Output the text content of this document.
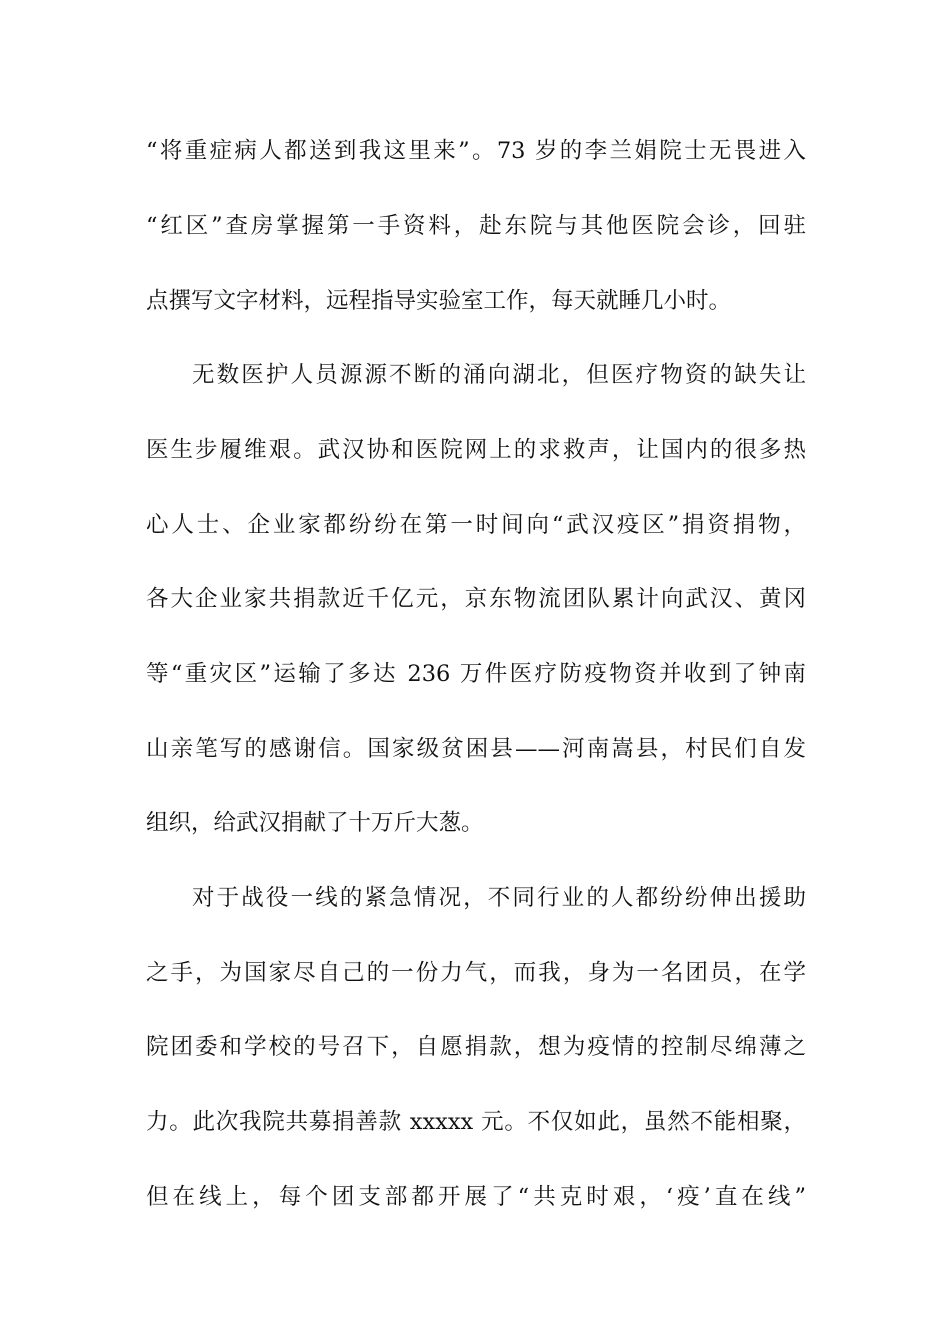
“将重症病人都送到我这里来”。73 岁的李兰娟院士无畏进入
“红区”查房掌握第一手资料，赴东院与其他医院会诊，回驻
点撰写文字材料，远程指导实验室工作，每天就睡几小时。
无数医护人员源源不断的涌向湖北，但医疗物资的缺失让
医生步履维艰。武汉协和医院网上的求救声，让国内的很多热
心人士、企业家都纷纷在第一时间向“武汉疫区”捐资捐物，
各大企业家共捐款近千亿元，京东物流团队累计向武汉、黄冈
等“重灾区”运输了多达 236 万件医疗防疫物资并收到了钟南
山亲笔写的感谢信。国家级贫困县——河南嵩县，村民们自发
组织，给武汉捐献了十万斤大葱。
对于战役一线的紧急情况，不同行业的人都纷纷伸出援助
之手，为国家尽自己的一份力气，而我，身为一名团员，在学
院团委和学校的号召下，自愿捐款，想为疫情的控制尽绵薄之
力。此次我院共募捐善款 xxxxx 元。不仅如此，虽然不能相聚，
但在线上，每个团支部都开展了“共克时艰，‘疫’直在线”
